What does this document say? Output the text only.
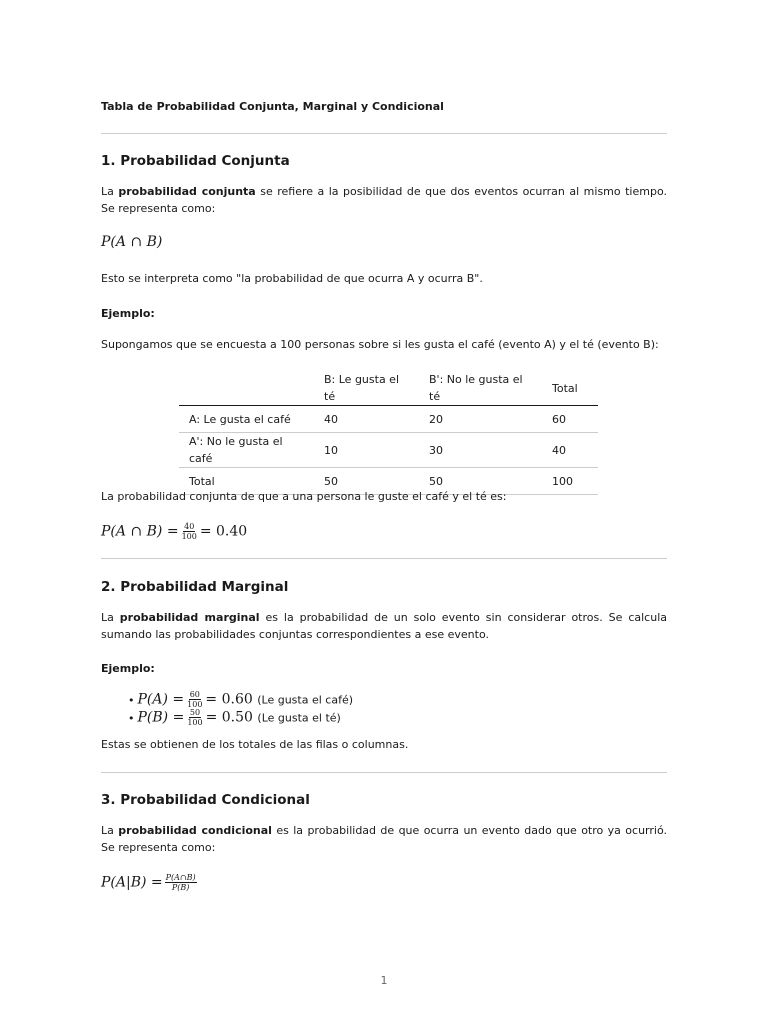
Tabla de Probabilidad Conjunta, Marginal y Condicional

1. Probabilidad Conjunta

La probabilidad conjunta se refiere a la posibilidad de que dos eventos ocurran al mismo tiempo. Se representa como:

P(A ∩ B)

Esto se interpreta como "la probabilidad de que ocurra A y ocurra B".

Ejemplo:

Supongamos que se encuesta a 100 personas sobre si les gusta el café (evento A) y el té (evento B):

	B: Le gusta el té	B': No le gusta el té	Total
A: Le gusta el café	40	20	60
A': No le gusta el café	10	30	40
Total	50	50	100

La probabilidad conjunta de que a una persona le guste el café y el té es:

P(A ∩ $B) = \frac{40}{100} = 0.40$

2. Probabilidad Marginal

La probabilidad marginal es la probabilidad de un solo evento sin considerar otros. Se calcula sumando las probabilidades conjuntas correspondientes a ese evento.

Ejemplo:

• $P(A) = \frac{60}{100} = 0.60$ (Le gusta el café)
• $P(B) = \frac{50}{100} = 0.50$ (Le gusta el té)

Estas se obtienen de los totales de las filas o columnas.

3. Probabilidad Condicional

La probabilidad condicional es la probabilidad de que ocurra un evento dado que otro ya ocurrió. Se representa como:

$P(A|B) = \frac{P(A\cap B)}{P(B)}$

1
